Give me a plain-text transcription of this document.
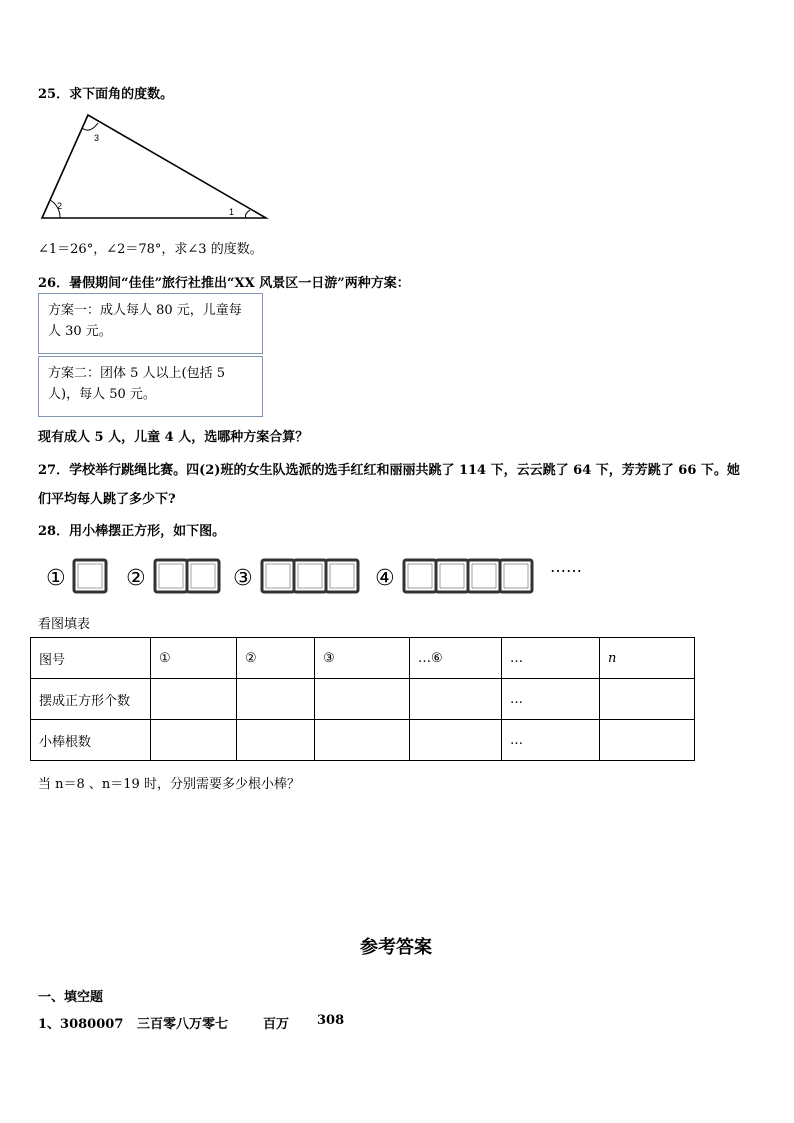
25．求下面角的度数。
3
2
1
∠1＝26°，∠2＝78°，求∠3 的度数。
26．暑假期间“佳佳”旅行社推出“XX 风景区一日游”两种方案：
方案一：成人每人 80 元，儿童每人 30 元。
方案二：团体 5 人以上(包括 5 人)，每人 50 元。
现有成人 5 人，儿童 4 人，选哪种方案合算？
27．学校举行跳绳比赛。四(2)班的女生队选派的选手红红和丽丽共跳了 114 下，云云跳了 64 下，芳芳跳了 66 下。她
们平均每人跳了多少下?
28．用小棒摆正方形，如下图。
①	②	③	④	……
看图填表
图号	①	②	③	…⑥	…	n
摆成正方形个数					…	
小棒根数					…	
当 n＝8 、n＝19 时，分别需要多少根小棒？
参考答案
一、填空题
1、3080007 三百零八万零七	百万 308
